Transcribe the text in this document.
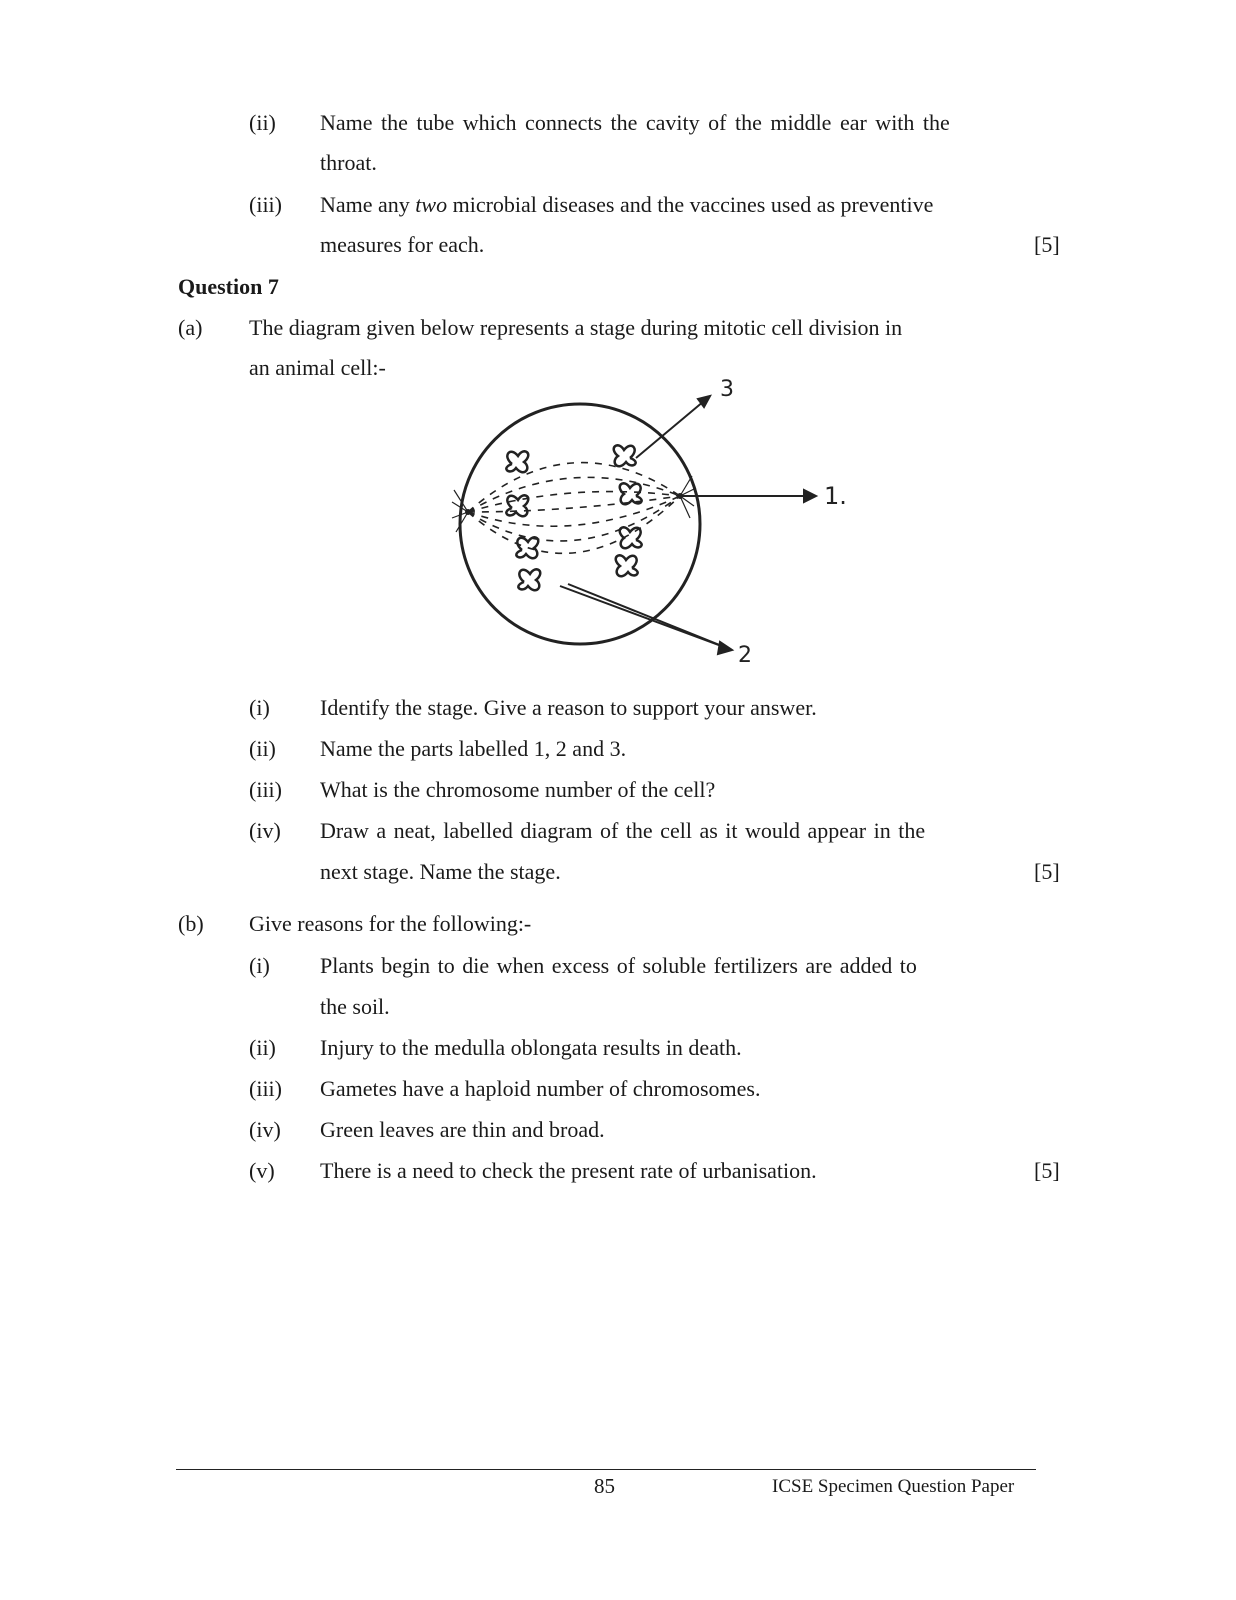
(ii) Name the tube which connects the cavity of the middle ear with the
throat.
(iii) Name any two microbial diseases and the vaccines used as preventive
measures for each.	[5]
Question 7
(a) The diagram given below represents a stage during mitotic cell division in
an animal cell:-
3
1.
2
(i) Identify the stage. Give a reason to support your answer.
(ii) Name the parts labelled 1, 2 and 3.
(iii) What is the chromosome number of the cell?
(iv) Draw a neat, labelled diagram of the cell as it would appear in the
next stage. Name the stage.	[5]
(b) Give reasons for the following:-
(i) Plants begin to die when excess of soluble fertilizers are added to
the soil.
(ii) Injury to the medulla oblongata results in death.
(iii) Gametes have a haploid number of chromosomes.
(iv) Green leaves are thin and broad.
(v) There is a need to check the present rate of urbanisation.	[5]
85	ICSE Specimen Question Paper
